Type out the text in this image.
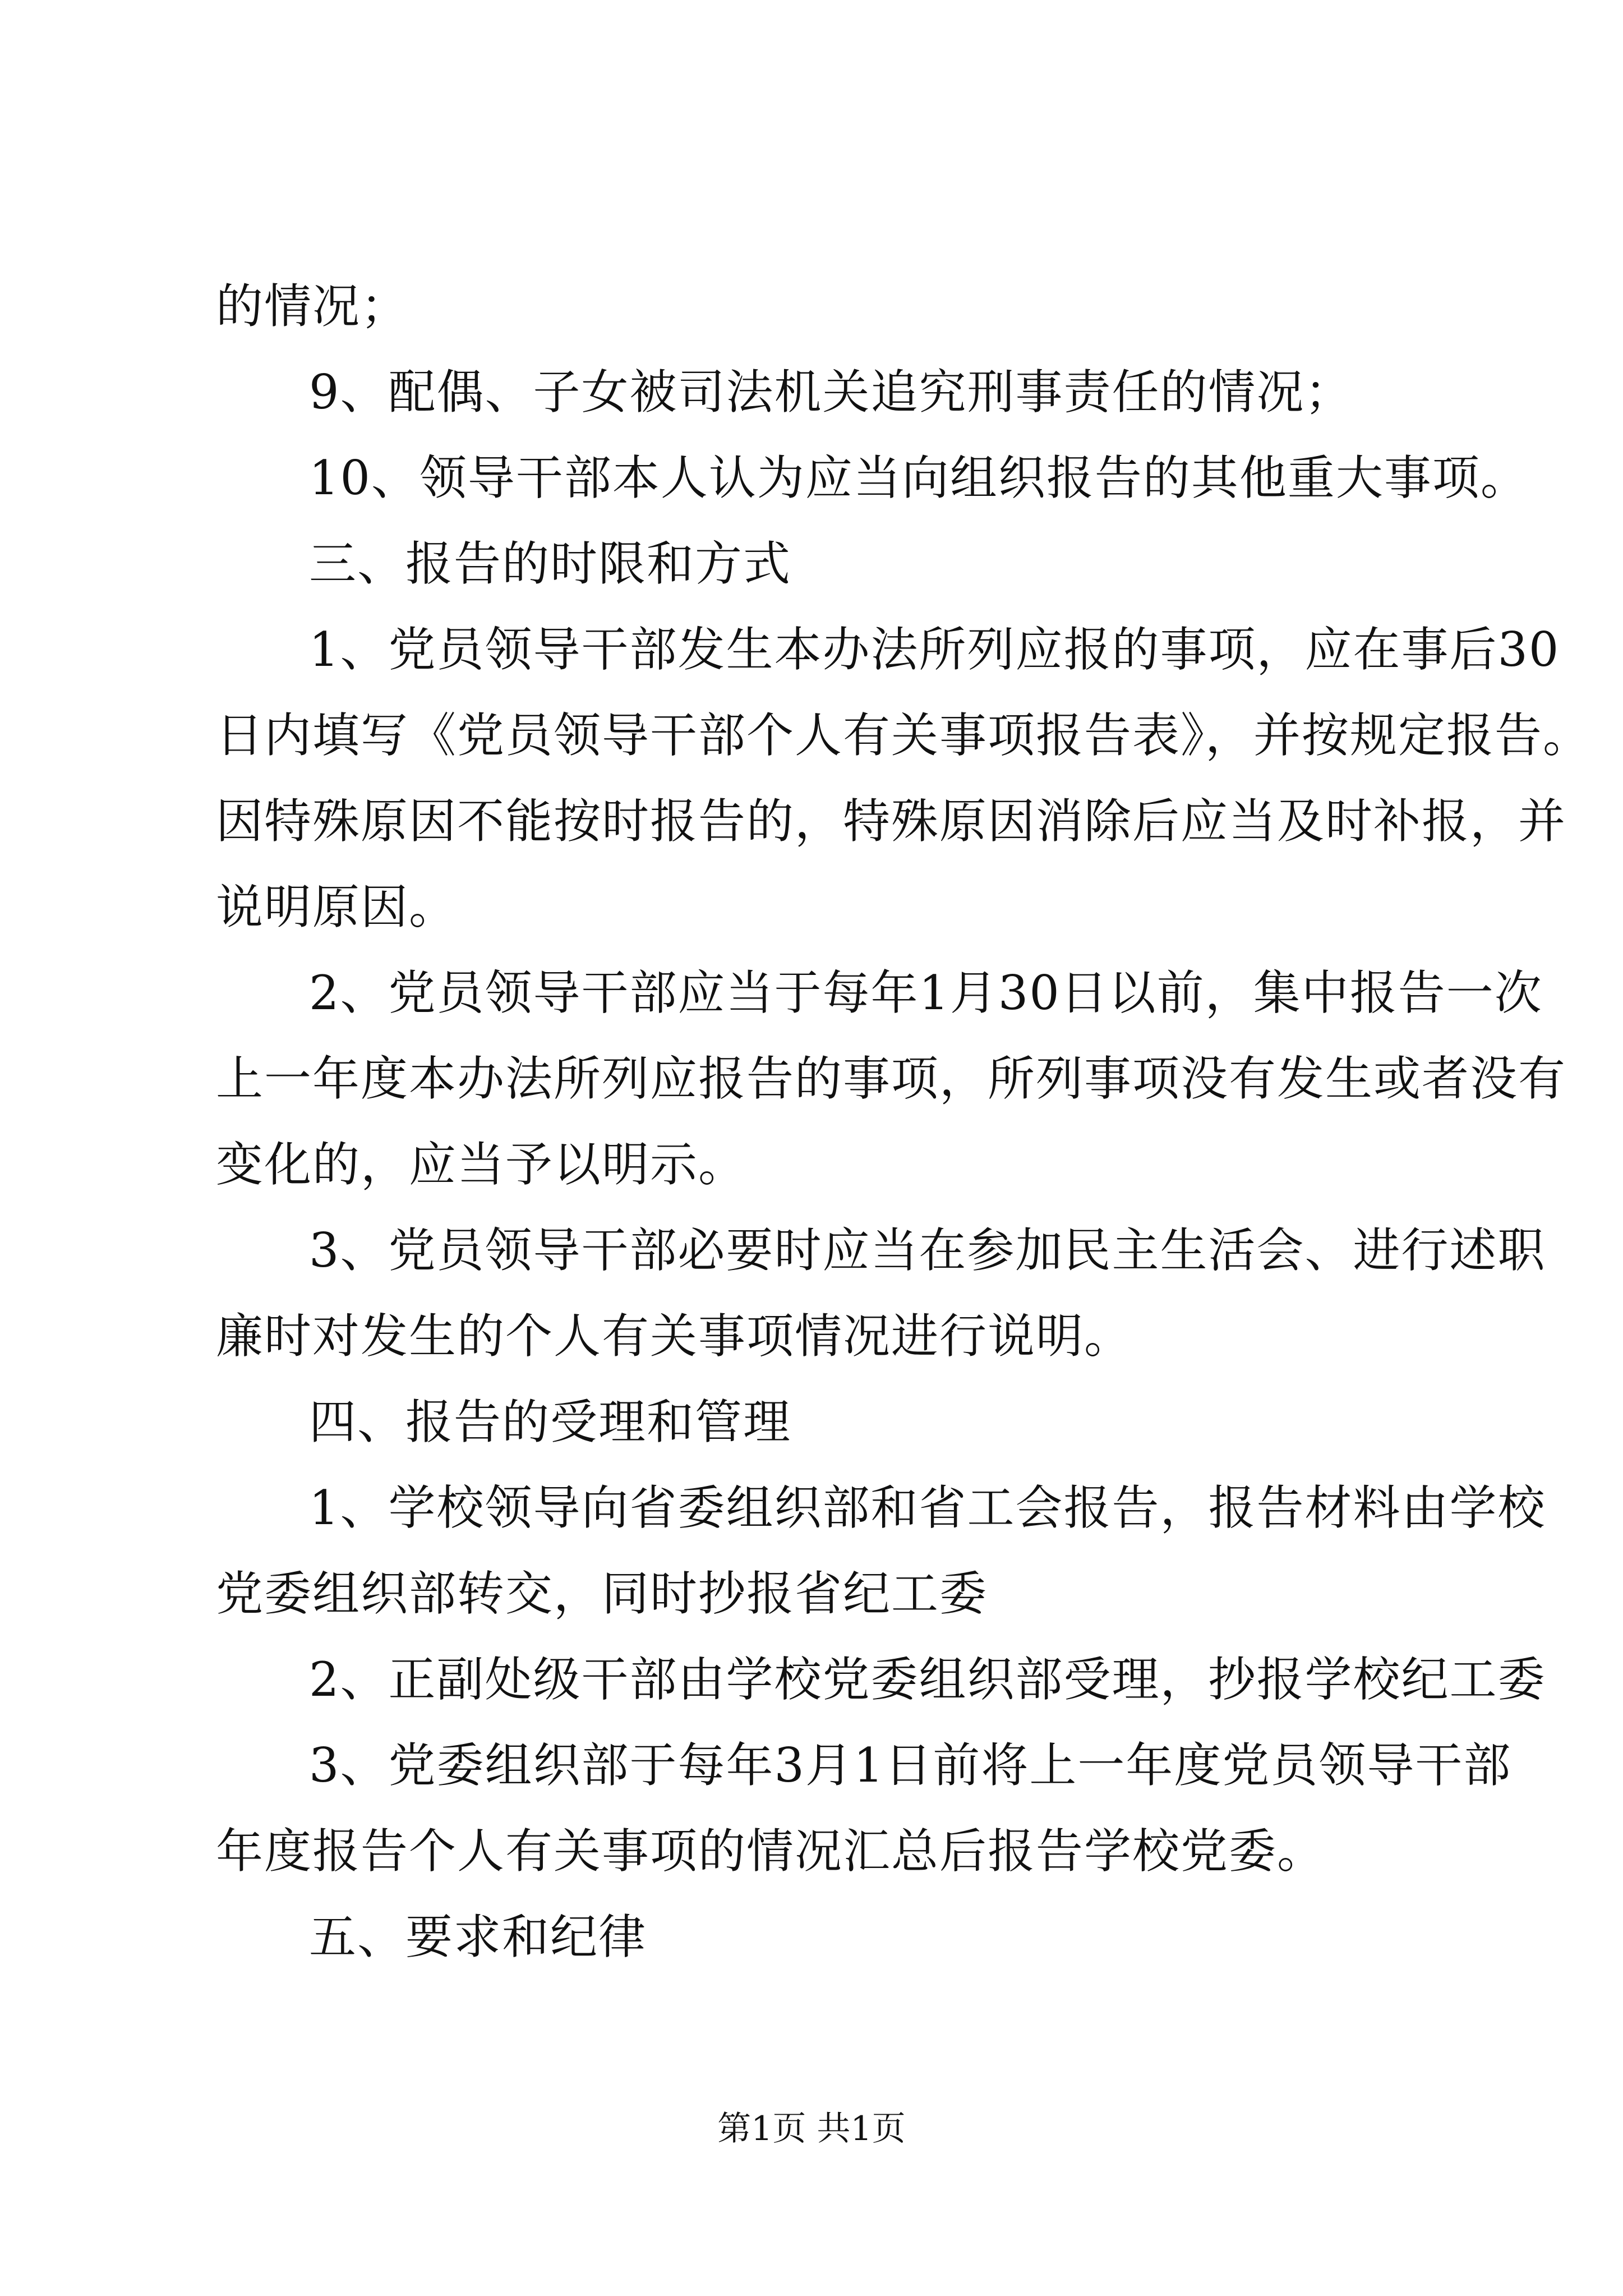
的情况；
9、配偶、子女被司法机关追究刑事责任的情况；
10、领导干部本人认为应当向组织报告的其他重大事项。
三、报告的时限和方式
1、党员领导干部发生本办法所列应报的事项，应在事后30
日内填写《党员领导干部个人有关事项报告表》，并按规定报告。
因特殊原因不能按时报告的，特殊原因消除后应当及时补报，并
说明原因。
2、党员领导干部应当于每年1月30日以前，集中报告一次
上一年度本办法所列应报告的事项，所列事项没有发生或者没有
变化的，应当予以明示。
3、党员领导干部必要时应当在参加民主生活会、进行述职
廉时对发生的个人有关事项情况进行说明。
四、报告的受理和管理
1、学校领导向省委组织部和省工会报告，报告材料由学校
党委组织部转交，同时抄报省纪工委
2、正副处级干部由学校党委组织部受理，抄报学校纪工委
3、党委组织部于每年3月1日前将上一年度党员领导干部
年度报告个人有关事项的情况汇总后报告学校党委。
五、要求和纪律
第1页 共1页
